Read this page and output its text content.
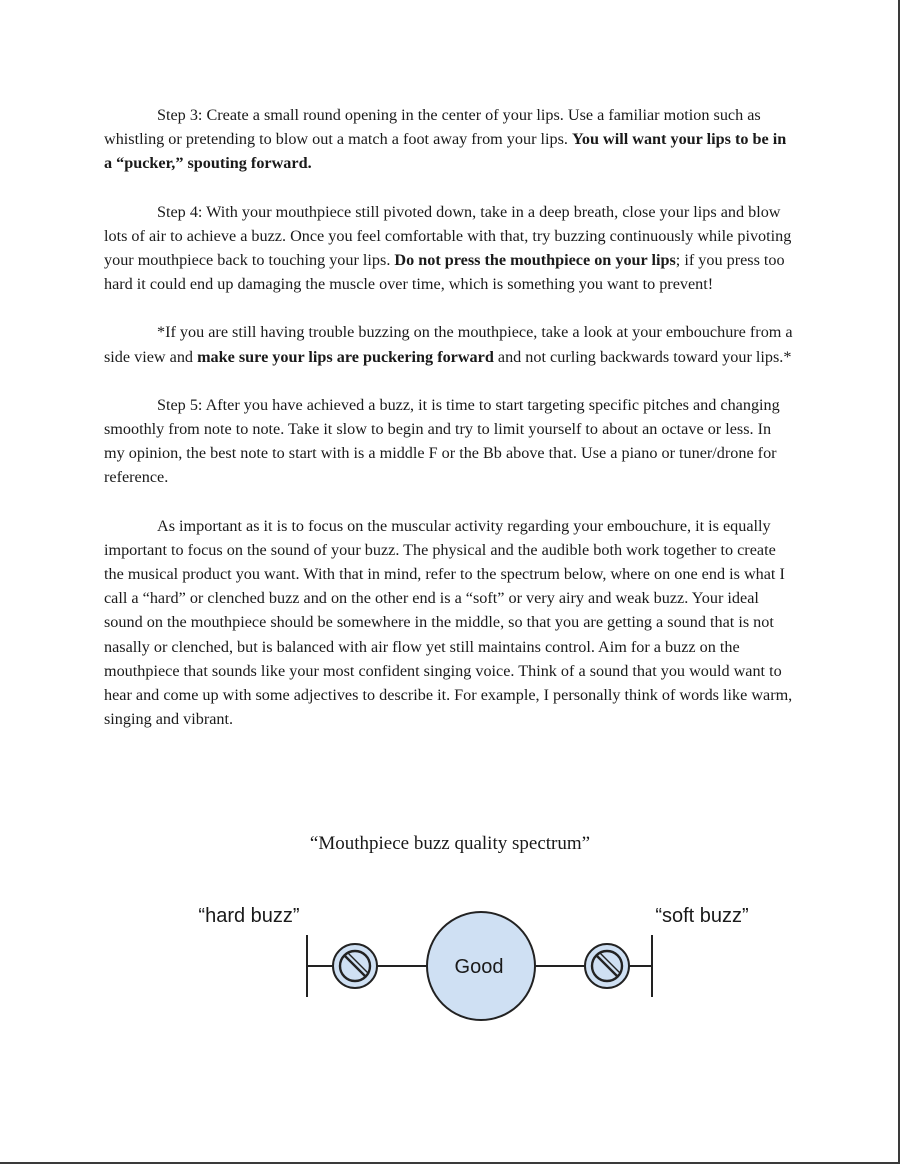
Step 3: Create a small round opening in the center of your lips. Use a familiar motion such as whistling or pretending to blow out a match a foot away from your lips. You will want your lips to be in a “pucker,” spouting forward.

Step 4: With your mouthpiece still pivoted down, take in a deep breath, close your lips and blow lots of air to achieve a buzz. Once you feel comfortable with that, try buzzing continuously while pivoting your mouthpiece back to touching your lips. Do not press the mouthpiece on your lips; if you press too hard it could end up damaging the muscle over time, which is something you want to prevent!

*If you are still having trouble buzzing on the mouthpiece, take a look at your embouchure from a side view and make sure your lips are puckering forward and not curling backwards toward your lips.*

Step 5: After you have achieved a buzz, it is time to start targeting specific pitches and changing smoothly from note to note. Take it slow to begin and try to limit yourself to about an octave or less. In my opinion, the best note to start with is a middle F or the Bb above that. Use a piano or tuner/drone for reference.

As important as it is to focus on the muscular activity regarding your embouchure, it is equally important to focus on the sound of your buzz. The physical and the audible both work together to create the musical product you want. With that in mind, refer to the spectrum below, where on one end is what I call a “hard” or clenched buzz and on the other end is a “soft” or very airy and weak buzz. Your ideal sound on the mouthpiece should be somewhere in the middle, so that you are getting a sound that is not nasally or clenched, but is balanced with air flow yet still maintains control. Aim for a buzz on the mouthpiece that sounds like your most confident singing voice. Think of a sound that you would want to hear and come up with some adjectives to describe it. For example, I personally think of words like warm, singing and vibrant.

“Mouthpiece buzz quality spectrum”
“hard buzz”	“soft buzz”
Good
